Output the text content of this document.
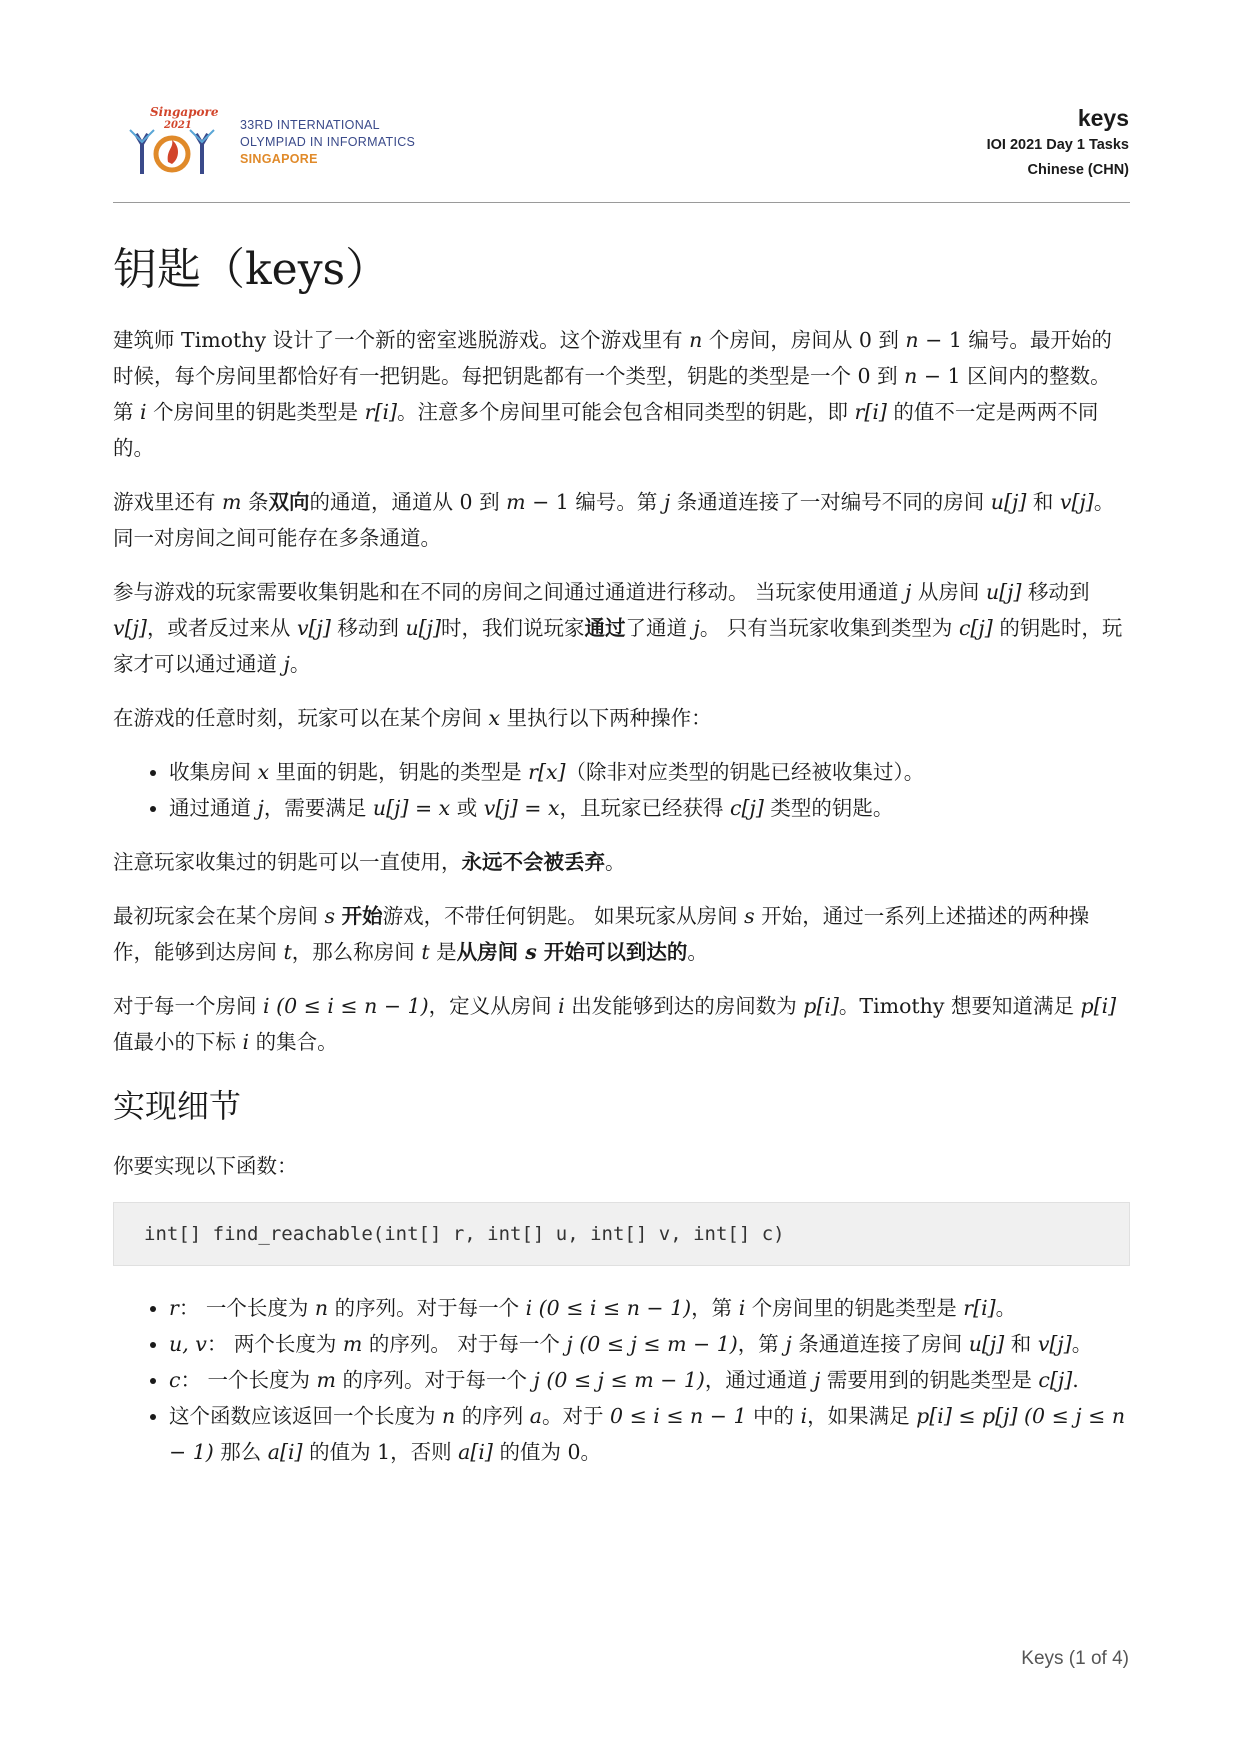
Singapore
2021	33RD INTERNATIONAL
OLYMPIAD IN INFORMATICS
SINGAPORE
keys
IOI 2021 Day 1 Tasks
Chinese (CHN)
钥匙（keys）

建筑师 Timothy 设计了一个新的密室逃脱游戏。这个游戏里有 n 个房间，房间从 0 到 n − 1 编号。最开始的时候，每个房间里都恰好有一把钥匙。每把钥匙都有一个类型，钥匙的类型是一个 0 到 n − 1 区间内的整数。第 i 个房间里的钥匙类型是 r[i]。注意多个房间里可能会包含相同类型的钥匙，即 r[i] 的值不一定是两两不同的。

游戏里还有 m 条双向的通道，通道从 0 到 m − 1 编号。第 j 条通道连接了一对编号不同的房间 u[j] 和 v[j]。同一对房间之间可能存在多条通道。

参与游戏的玩家需要收集钥匙和在不同的房间之间通过通道进行移动。 当玩家使用通道 j 从房间 u[j] 移动到 v[j]，或者反过来从 v[j] 移动到 u[j]时，我们说玩家通过了通道 j。 只有当玩家收集到类型为 c[j] 的钥匙时，玩家才可以通过通道 j。

在游戏的任意时刻，玩家可以在某个房间 x 里执行以下两种操作：

• 收集房间 x 里面的钥匙，钥匙的类型是 r[x]（除非对应类型的钥匙已经被收集过）。
• 通过通道 j，需要满足 u[j] = x 或 v[j] = x，且玩家已经获得 c[j] 类型的钥匙。

注意玩家收集过的钥匙可以一直使用，永远不会被丢弃。

最初玩家会在某个房间 s 开始游戏，不带任何钥匙。 如果玩家从房间 s 开始，通过一系列上述描述的两种操作，能够到达房间 t，那么称房间 t 是从房间 s 开始可以到达的。

对于每一个房间 i (0 ≤ i ≤ n − 1)，定义从房间 i 出发能够到达的房间数为 p[i]。Timothy 想要知道满足 p[i] 值最小的下标 i 的集合。

实现细节

你要实现以下函数：

int[] find_reachable(int[] r, int[] u, int[] v, int[] c)
• r： 一个长度为 n 的序列。对于每一个 i (0 ≤ i ≤ n − 1)，第 i 个房间里的钥匙类型是 r[i]。
• u, v： 两个长度为 m 的序列。 对于每一个 j (0 ≤ j ≤ m − 1)，第 j 条通道连接了房间 u[j] 和 v[j]。
• c： 一个长度为 m 的序列。对于每一个 j (0 ≤ j ≤ m − 1)，通过通道 j 需要用到的钥匙类型是 c[j].
• 这个函数应该返回一个长度为 n 的序列 a。对于 0 ≤ i ≤ n − 1 中的 i，如果满足 p[i] ≤ p[j] (0 ≤ j ≤ n − 1) 那么 a[i] 的值为 1，否则 a[i] 的值为 0。
Keys (1 of 4)
